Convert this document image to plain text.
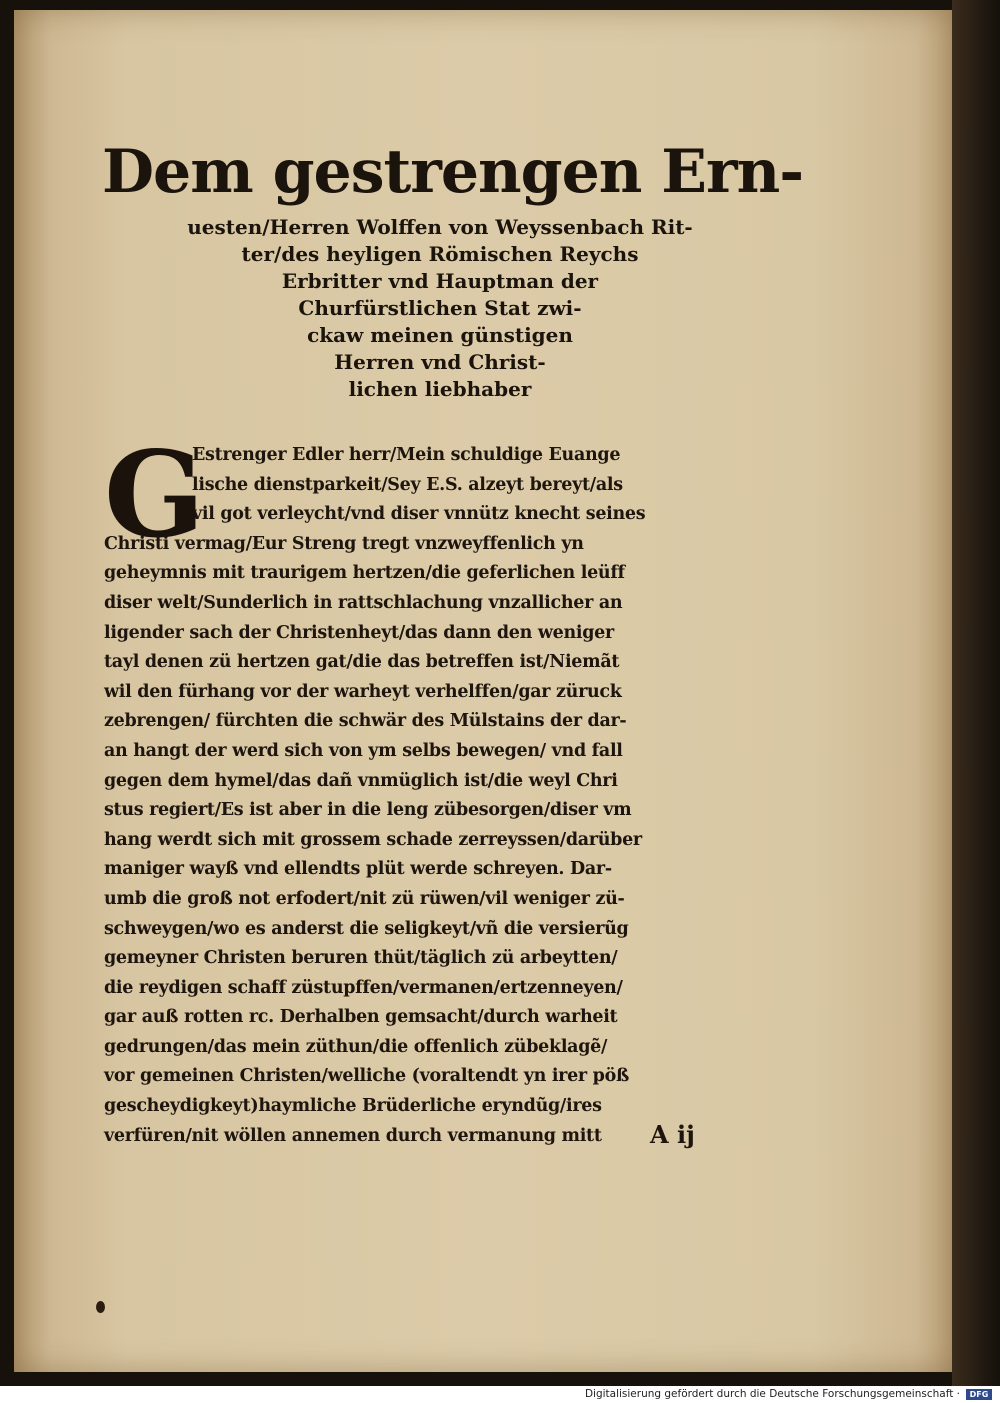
Dem gestrengen Ern-
uesten/Herren Wolffen von Weyssenbach Rit-
ter/des heyligen Römischen Reychs
Erbritter vnd Hauptman der
Churfürstlichen Stat zwi-
ckaw meinen günstigen
Herren vnd Christ-
lichen liebhaber
G
Estrenger Edler herr/Mein schuldige Euange
lische dienstparkeit/Sey E.S. alzeyt bereyt/als
vil got verleycht/vnd diser vnnütz knecht seines
Christi vermag/Eur Streng tregt vnzweyffenlich yn
geheymnis mit traurigem hertzen/die geferlichen leüff
diser welt/Sunderlich in rattschlachung vnzallicher an
ligender sach der Christenheyt/das dann den weniger
tayl denen zü hertzen gat/die das betreffen ist/Niemãt
wil den fürhang vor der warheyt verhelffen/gar züruck
zebrengen/ fürchten die schwär des Mülstains der dar-
an hangt der werd sich von ym selbs bewegen/ vnd fall
gegen dem hymel/das dañ vnmüglich ist/die weyl Chri
stus regiert/Es ist aber in die leng zübesorgen/diser vm
hang werdt sich mit grossem schade zerreyssen/darüber
maniger wayß vnd ellendts plüt werde schreyen. Dar-
umb die groß not erfodert/nit zü rüwen/vil weniger zü-
schweygen/wo es anderst die seligkeyt/vñ die versierũg
gemeyner Christen beruren thüt/täglich zü arbeytten/
die reydigen schaff züstupffen/vermanen/ertzenneyen/
gar auß rotten rc. Derhalben gemsacht/durch warheit
gedrungen/das mein züthun/die offenlich zübeklagẽ/
vor gemeinen Christen/welliche (voraltendt yn irer pöß
gescheydigkeyt)haymliche Brüderliche eryndũg/ires
verfüren/nit wöllen annemen durch vermanung mitt	A ij
Digitalisierung gefördert durch die Deutsche Forschungsgemeinschaft ·	DFG
